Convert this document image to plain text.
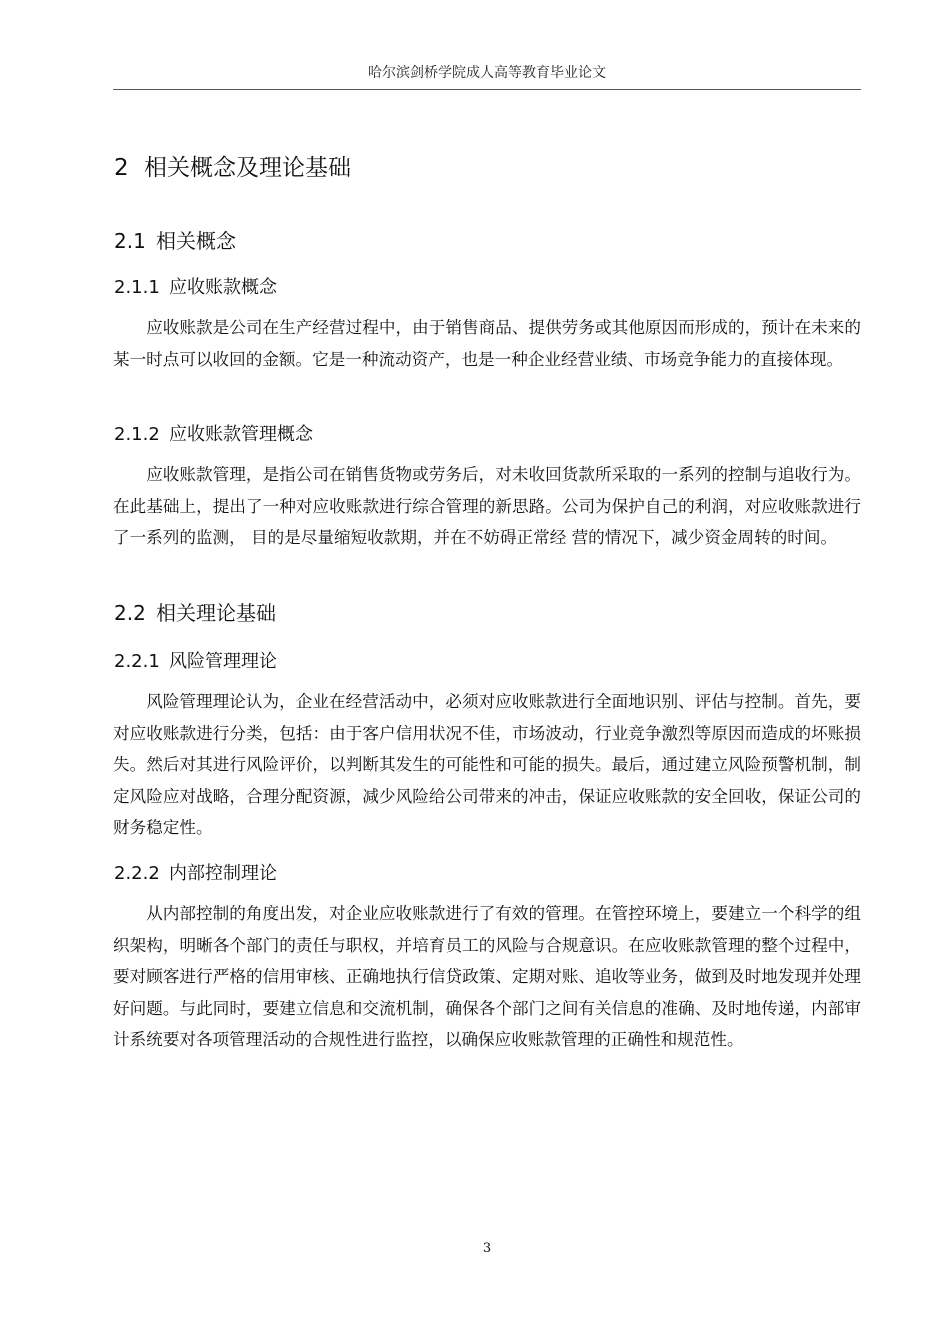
哈尔滨剑桥学院成人高等教育毕业论文
2 相关概念及理论基础
2.1 相关概念
2.1.1 应收账款概念

应收账款是公司在生产经营过程中，由于销售商品、提供劳务或其他原因而形成的，预计在未来的某一时点可以收回的金额。它是一种流动资产，也是一种企业经营业绩、市场竞争能力的直接体现。

2.1.2 应收账款管理概念

应收账款管理，是指公司在销售货物或劳务后，对未收回货款所采取的一系列的控制与追收行为。在此基础上，提出了一种对应收账款进行综合管理的新思路。公司为保护自己的利润，对应收账款进行了一系列的监测， 目的是尽量缩短收款期，并在不妨碍正常经 营的情况下，减少资金周转的时间。

2.2 相关理论基础
2.2.1 风险管理理论

风险管理理论认为，企业在经营活动中，必须对应收账款进行全面地识别、评估与控制。首先，要对应收账款进行分类，包括：由于客户信用状况不佳，市场波动，行业竞争激烈等原因而造成的坏账损失。然后对其进行风险评价，以判断其发生的可能性和可能的损失。最后，通过建立风险预警机制，制定风险应对战略，合理分配资源，减少风险给公司带来的冲击，保证应收账款的安全回收，保证公司的财务稳定性。

2.2.2 内部控制理论

从内部控制的角度出发，对企业应收账款进行了有效的管理。在管控环境上，要建立一个科学的组织架构，明晰各个部门的责任与职权，并培育员工的风险与合规意识。在应收账款管理的整个过程中，要对顾客进行严格的信用审核、正确地执行信贷政策、定期对账、追收等业务，做到及时地发现并处理好问题。与此同时，要建立信息和交流机制，确保各个部门之间有关信息的准确、及时地传递，内部审计系统要对各项管理活动的合规性进行监控，以确保应收账款管理的正确性和规范性。

3
